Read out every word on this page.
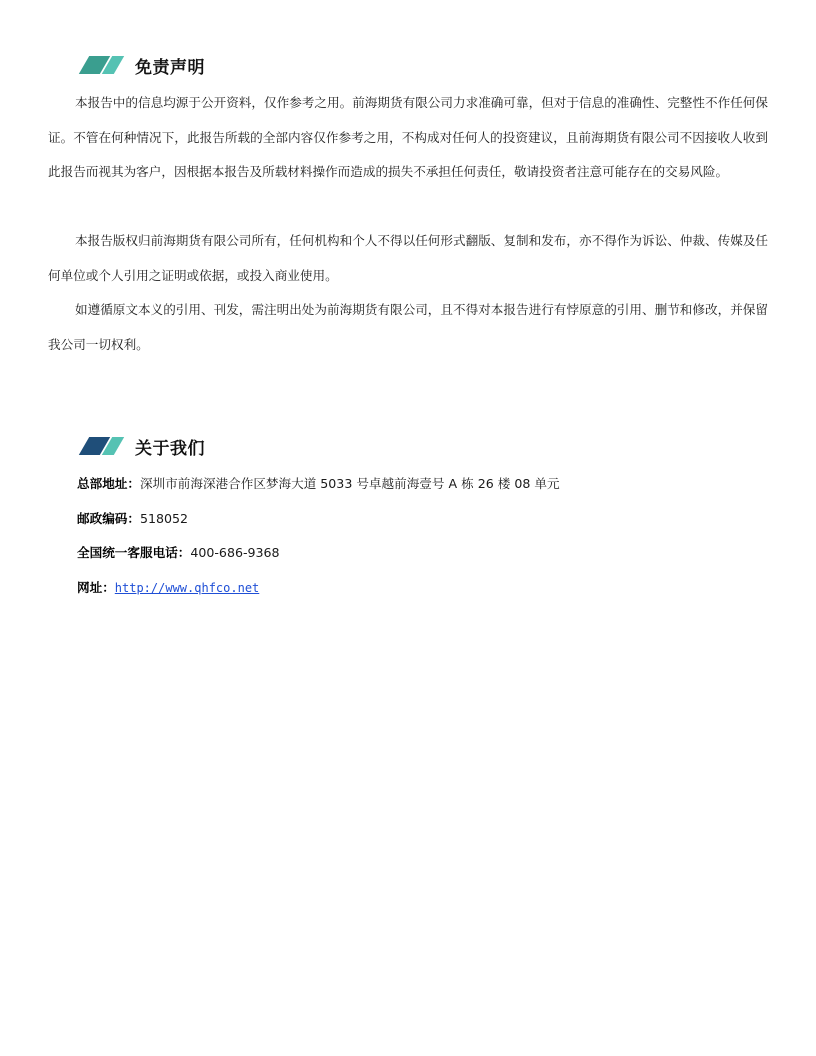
免责声明

本报告中的信息均源于公开资料，仅作参考之用。前海期货有限公司力求准确可靠，但对于信息的准确性、完整性不作任何保证。不管在何种情况下，此报告所载的全部内容仅作参考之用，不构成对任何人的投资建议，且前海期货有限公司不因接收人收到此报告而视其为客户，因根据本报告及所载材料操作而造成的损失不承担任何责任，敬请投资者注意可能存在的交易风险。

本报告版权归前海期货有限公司所有，任何机构和个人不得以任何形式翻版、复制和发布，亦不得作为诉讼、仲裁、传媒及任何单位或个人引用之证明或依据，或投入商业使用。

如遵循原文本义的引用、刊发，需注明出处为前海期货有限公司，且不得对本报告进行有悖原意的引用、删节和修改，并保留我公司一切权利。

关于我们
总部地址：深圳市前海深港合作区梦海大道 5033 号卓越前海壹号 A 栋 26 楼 08 单元
邮政编码：518052
全国统一客服电话：400-686-9368
网址：http://www.qhfco.net
